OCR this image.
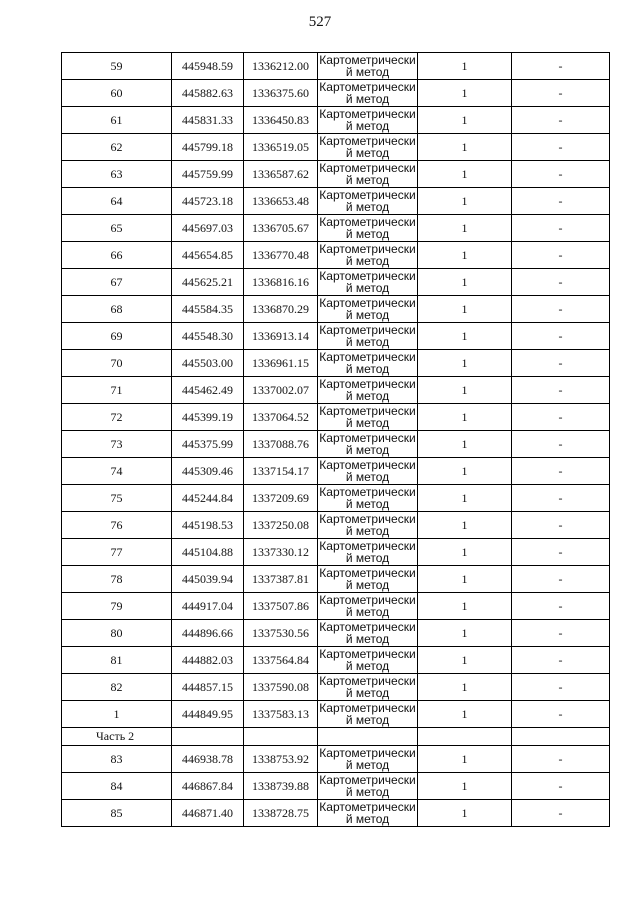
527
59	445948.59	1336212.00	Картометрически й метод	1	-
60	445882.63	1336375.60	Картометрически й метод	1	-
61	445831.33	1336450.83	Картометрически й метод	1	-
62	445799.18	1336519.05	Картометрически й метод	1	-
63	445759.99	1336587.62	Картометрически й метод	1	-
64	445723.18	1336653.48	Картометрически й метод	1	-
65	445697.03	1336705.67	Картометрически й метод	1	-
66	445654.85	1336770.48	Картометрически й метод	1	-
67	445625.21	1336816.16	Картометрически й метод	1	-
68	445584.35	1336870.29	Картометрически й метод	1	-
69	445548.30	1336913.14	Картометрически й метод	1	-
70	445503.00	1336961.15	Картометрически й метод	1	-
71	445462.49	1337002.07	Картометрически й метод	1	-
72	445399.19	1337064.52	Картометрически й метод	1	-
73	445375.99	1337088.76	Картометрически й метод	1	-
74	445309.46	1337154.17	Картометрически й метод	1	-
75	445244.84	1337209.69	Картометрически й метод	1	-
76	445198.53	1337250.08	Картометрически й метод	1	-
77	445104.88	1337330.12	Картометрически й метод	1	-
78	445039.94	1337387.81	Картометрически й метод	1	-
79	444917.04	1337507.86	Картометрически й метод	1	-
80	444896.66	1337530.56	Картометрически й метод	1	-
81	444882.03	1337564.84	Картометрически й метод	1	-
82	444857.15	1337590.08	Картометрически й метод	1	-
1	444849.95	1337583.13	Картометрически й метод	1	-
Часть 2					
83	446938.78	1338753.92	Картометрически й метод	1	-
84	446867.84	1338739.88	Картометрически й метод	1	-
85	446871.40	1338728.75	Картометрически й метод	1	-
